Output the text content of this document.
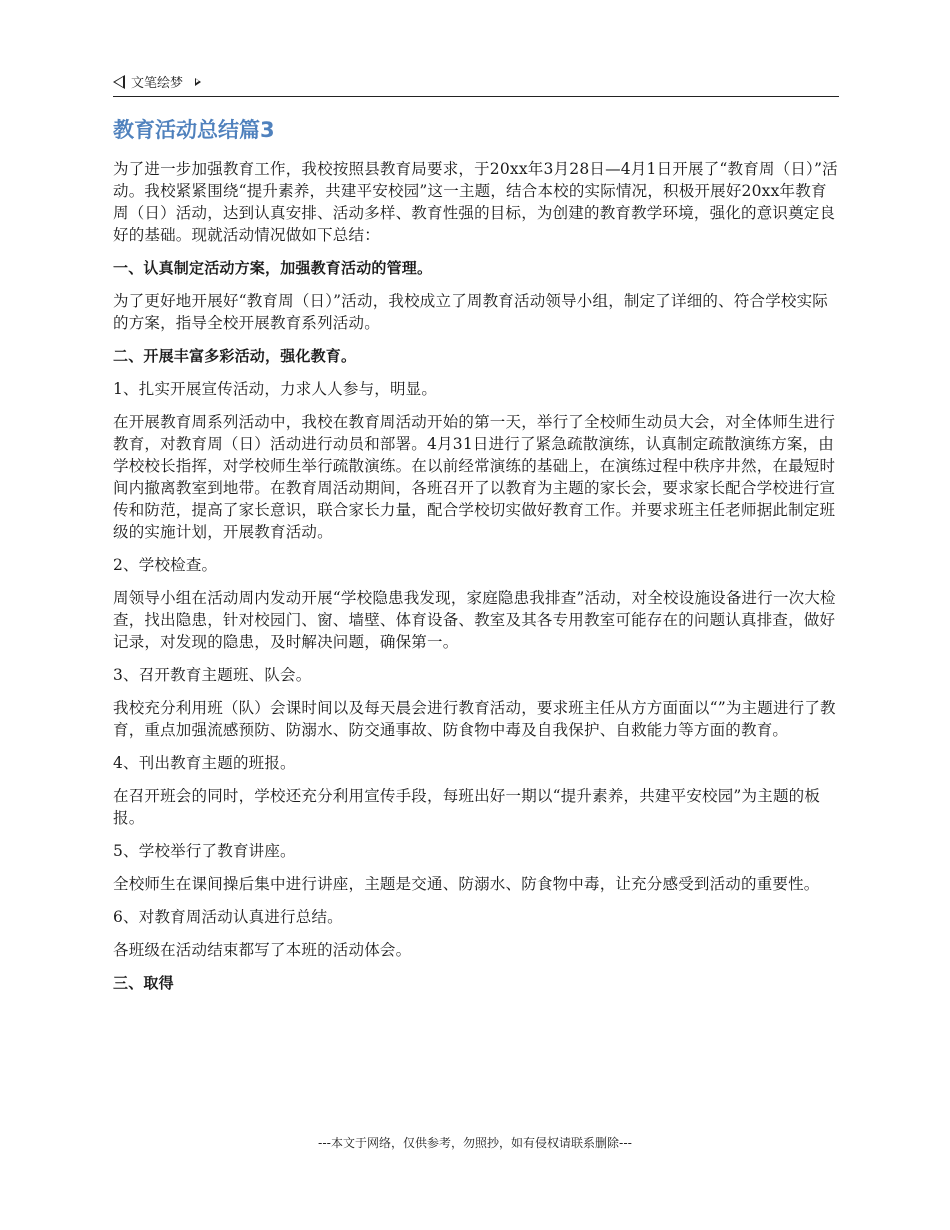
文笔绘梦
教育活动总结篇3

为了进一步加强教育工作，我校按照县教育局要求，于20xx年3月28日—4月1日开展了“教育周（日）”活动。我校紧紧围绕“提升素养，共建平安校园”这一主题，结合本校的实际情况，积极开展好20xx年教育周（日）活动，达到认真安排、活动多样、教育性强的目标，为创建的教育教学环境，强化的意识奠定良好的基础。现就活动情况做如下总结：

一、认真制定活动方案，加强教育活动的管理。

为了更好地开展好“教育周（日）”活动，我校成立了周教育活动领导小组，制定了详细的、符合学校实际的方案，指导全校开展教育系列活动。

二、开展丰富多彩活动，强化教育。

1、扎实开展宣传活动，力求人人参与，明显。

在开展教育周系列活动中，我校在教育周活动开始的第一天，举行了全校师生动员大会，对全体师生进行教育，对教育周（日）活动进行动员和部署。4月31日进行了紧急疏散演练，认真制定疏散演练方案，由学校校长指挥，对学校师生举行疏散演练。在以前经常演练的基础上，在演练过程中秩序井然，在最短时间内撤离教室到地带。在教育周活动期间，各班召开了以教育为主题的家长会，要求家长配合学校进行宣传和防范，提高了家长意识，联合家长力量，配合学校切实做好教育工作。并要求班主任老师据此制定班级的实施计划，开展教育活动。

2、学校检查。

周领导小组在活动周内发动开展“学校隐患我发现，家庭隐患我排查”活动，对全校设施设备进行一次大检查，找出隐患，针对校园门、窗、墙壁、体育设备、教室及其各专用教室可能存在的问题认真排查，做好记录，对发现的隐患，及时解决问题，确保第一。

3、召开教育主题班、队会。

我校充分利用班（队）会课时间以及每天晨会进行教育活动，要求班主任从方方面面以“”为主题进行了教育，重点加强流感预防、防溺水、防交通事故、防食物中毒及自我保护、自救能力等方面的教育。

4、刊出教育主题的班报。

在召开班会的同时，学校还充分利用宣传手段，每班出好一期以“提升素养，共建平安校园”为主题的板报。

5、学校举行了教育讲座。

全校师生在课间操后集中进行讲座，主题是交通、防溺水、防食物中毒，让充分感受到活动的重要性。

6、对教育周活动认真进行总结。

各班级在活动结束都写了本班的活动体会。

三、取得

---本文于网络，仅供参考，勿照抄，如有侵权请联系删除---
